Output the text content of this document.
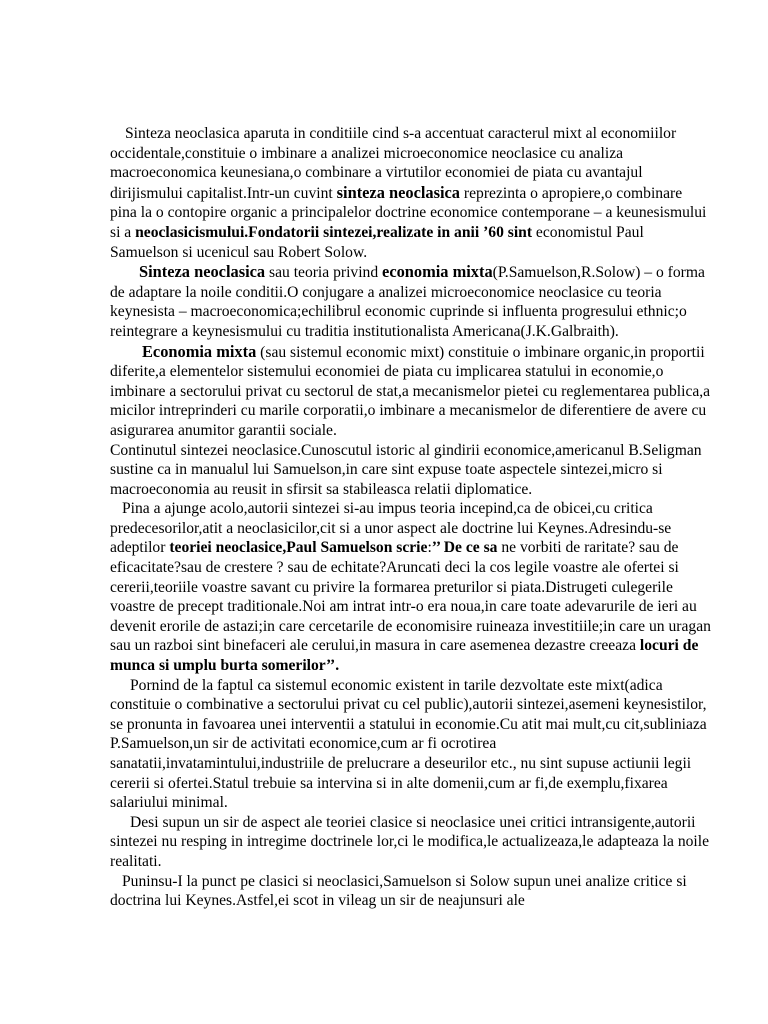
Sinteza neoclasica aparuta in conditiile cind s-a accentuat caracterul mixt al economiilor occidentale,constituie o imbinare a analizei microeconomice neoclasice cu analiza macroeconomica keunesiana,o combinare a virtutilor economiei de piata cu avantajul dirijismului capitalist.Intr-un cuvint sinteza neoclasica reprezinta o apropiere,o combinare pina la o contopire organic a principalelor doctrine economice contemporane – a keunesismului si a neoclasicismului.Fondatorii sintezei,realizate in anii ’60 sint economistul Paul Samuelson si ucenicul sau Robert Solow.

Sinteza neoclasica sau teoria privind economia mixta(P.Samuelson,R.Solow) – o forma de adaptare la noile conditii.O conjugare a analizei microeconomice neoclasice cu teoria keynesista – macroeconomica;echilibrul economic cuprinde si influenta progresului ethnic;o reintegrare a keynesismului cu traditia institutionalista Americana(J.K.Galbraith).

Economia mixta (sau sistemul economic mixt) constituie o imbinare organic,in proportii diferite,a elementelor sistemului economiei de piata cu implicarea statului in economie,o imbinare a sectorului privat cu sectorul de stat,a mecanismelor pietei cu reglementarea publica,a micilor intreprinderi cu marile corporatii,o imbinare a mecanismelor de diferentiere de avere cu asigurarea anumitor garantii sociale.

Continutul sintezei neoclasice.Cunoscutul istoric al gindirii economice,americanul B.Seligman sustine ca in manualul lui Samuelson,in care sint expuse toate aspectele sintezei,micro si macroeconomia au reusit in sfirsit sa stabileasca relatii diplomatice.

Pina a ajunge acolo,autorii sintezei si-au impus teoria incepind,ca de obicei,cu critica predecesorilor,atit a neoclasicilor,cit si a unor aspect ale doctrine lui Keynes.Adresindu-se adeptilor teoriei neoclasice,Paul Samuelson scrie:’’ De ce sa ne vorbiti de raritate? sau de eficacitate?sau de crestere ? sau de echitate?Aruncati deci la cos legile voastre ale ofertei si cererii,teoriile voastre savant cu privire la formarea preturilor si piata.Distrugeti culegerile voastre de precept traditionale.Noi am intrat intr-o era noua,in care toate adevarurile de ieri au devenit erorile de astazi;in care cercetarile de economisire ruineaza investitiile;in care un uragan sau un razboi sint binefaceri ale cerului,in masura in care asemenea dezastre creeaza locuri de munca si umplu burta somerilor’’.

Pornind de la faptul ca sistemul economic existent in tarile dezvoltate este mixt(adica constituie o combinative a sectorului privat cu cel public),autorii sintezei,asemeni keynesistilor, se pronunta in favoarea unei interventii a statului in economie.Cu atit mai mult,cu cit,subliniaza P.Samuelson,un sir de activitati economice,cum ar fi ocrotirea sanatatii,invatamintului,industriile de prelucrare a deseurilor etc., nu sint supuse actiunii legii cererii si ofertei.Statul trebuie sa intervina si in alte domenii,cum ar fi,de exemplu,fixarea salariului minimal.

Desi supun un sir de aspect ale teoriei clasice si neoclasice unei critici intransigente,autorii sintezei nu resping in intregime doctrinele lor,ci le modifica,le actualizeaza,le adapteaza la noile realitati.

Puninsu-I la punct pe clasici si neoclasici,Samuelson si Solow supun unei analize critice si doctrina lui Keynes.Astfel,ei scot in vileag un sir de neajunsuri ale
